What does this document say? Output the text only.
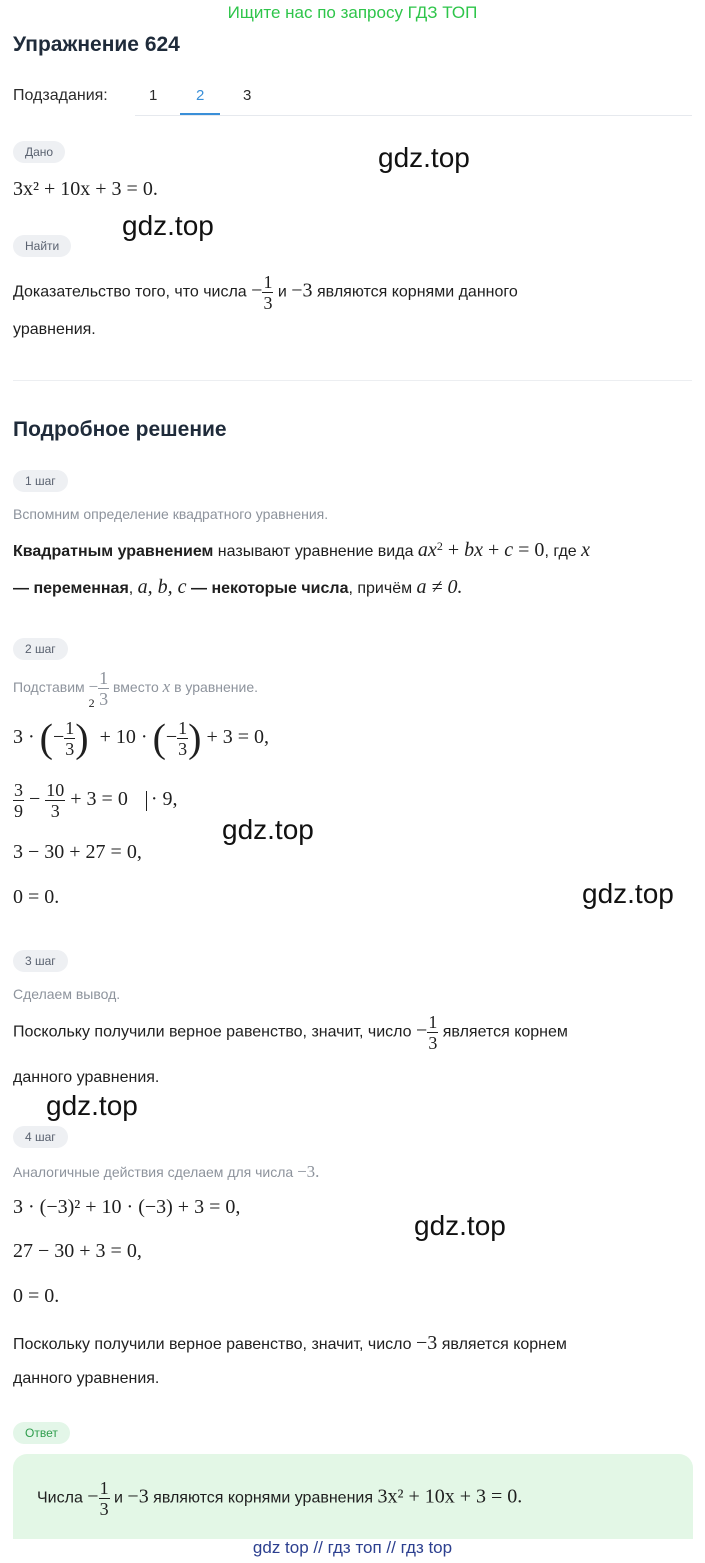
Ищите нас по запросу ГДЗ ТОП
Упражнение 624
Подзадания:	1	2	3
Дано
3x² + 10x + 3 = 0.
Найти
Доказательство того, что числа − $\frac{1}{3}$ и −3 являются корнями данного
уравнения.
Подробное решение
1 шаг
Вспомним определение квадратного уравнения.
Квадратным уравнением называют уравнение вида $ax^2$ + bx + c = 0, где x
— переменная, a, b, c — некоторые числа, причём a ≠ 0.
2 шаг
Подставим − $\frac{1}{3}$ вместо x в уравнение.
3 · (− $\frac{1}{3} )^2 + 10$ · (− $\frac{1}{3}$ ) + 3 = 0,
$\frac{3}{9} - \frac{10}{3} + 3 = 0 \cdot 9$,
3 − 30 + 27 = 0,
0 = 0.
3 шаг
Сделаем вывод.
Поскольку получили верное равенство, значит, число − $\frac{1}{3}$ является корнем
данного уравнения.
4 шаг
Аналогичные действия сделаем для числа −3.
3 · (−3)² + 10 · (−3) + 3 = 0,
27 − 30 + 3 = 0,
0 = 0.
Поскольку получили верное равенство, значит, число −3 является корнем
данного уравнения.
Ответ
Числа − $\frac{1}{3}$ и −3 являются корнями уравнения 3x² + 10x + 3 = 0.
gdz.top
gdz.top
gdz.top
gdz.top
gdz.top
gdz.top
gdz top // гдз топ // гдз top
